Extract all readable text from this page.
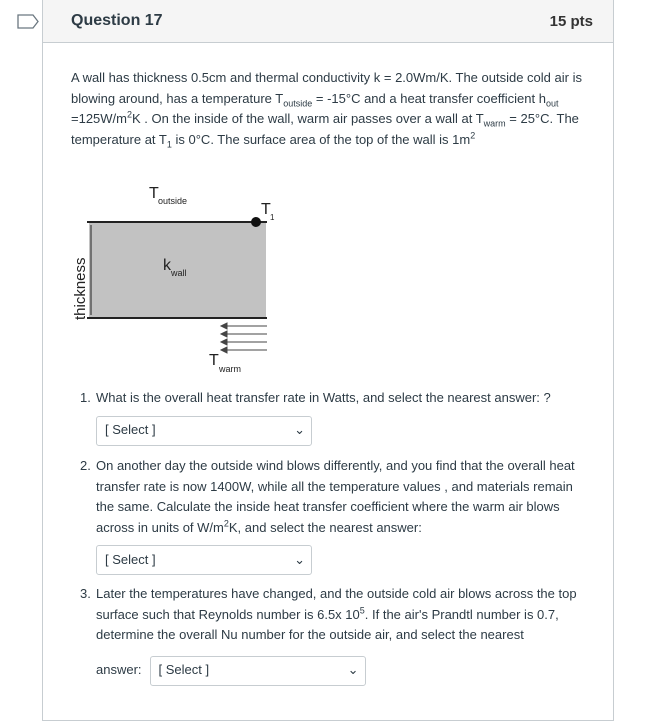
Question 17	15 pts
A wall has thickness 0.5cm and thermal conductivity k = 2.0Wm/K. The outside cold air is blowing around, has a temperature $T_{outside} = -15^\circ C$ and a heat transfer coefficient $h_{out} =125W/m^2K$ . On the inside of the wall, warm air passes over a wall at $T_{warm} = 25^\circ C$. The temperature at $T_1$ is 0°C. The surface area of the top of the wall is $1m^2$
T outside	T 1
k wall
thickness
T warm
1. What is the overall heat transfer rate in Watts, and select the nearest answer: ?
[ Select ]	⌄
2. On another day the outside wind blows differently, and you find that the overall heat transfer rate is now 1400W, while all the temperature values , and materials remain the same. Calculate the inside heat transfer coefficient where the warm air blows across in units of $W/m^2K$, and select the nearest answer:
[ Select ]	⌄
3. Later the temperatures have changed, and the outside cold air blows across the top surface such that Reynolds number is 6.5x $10^5$. If the air's Prandtl number is 0.7, determine the overall Nu number for the outside air, and select the nearest
answer: [ Select ]	⌄
